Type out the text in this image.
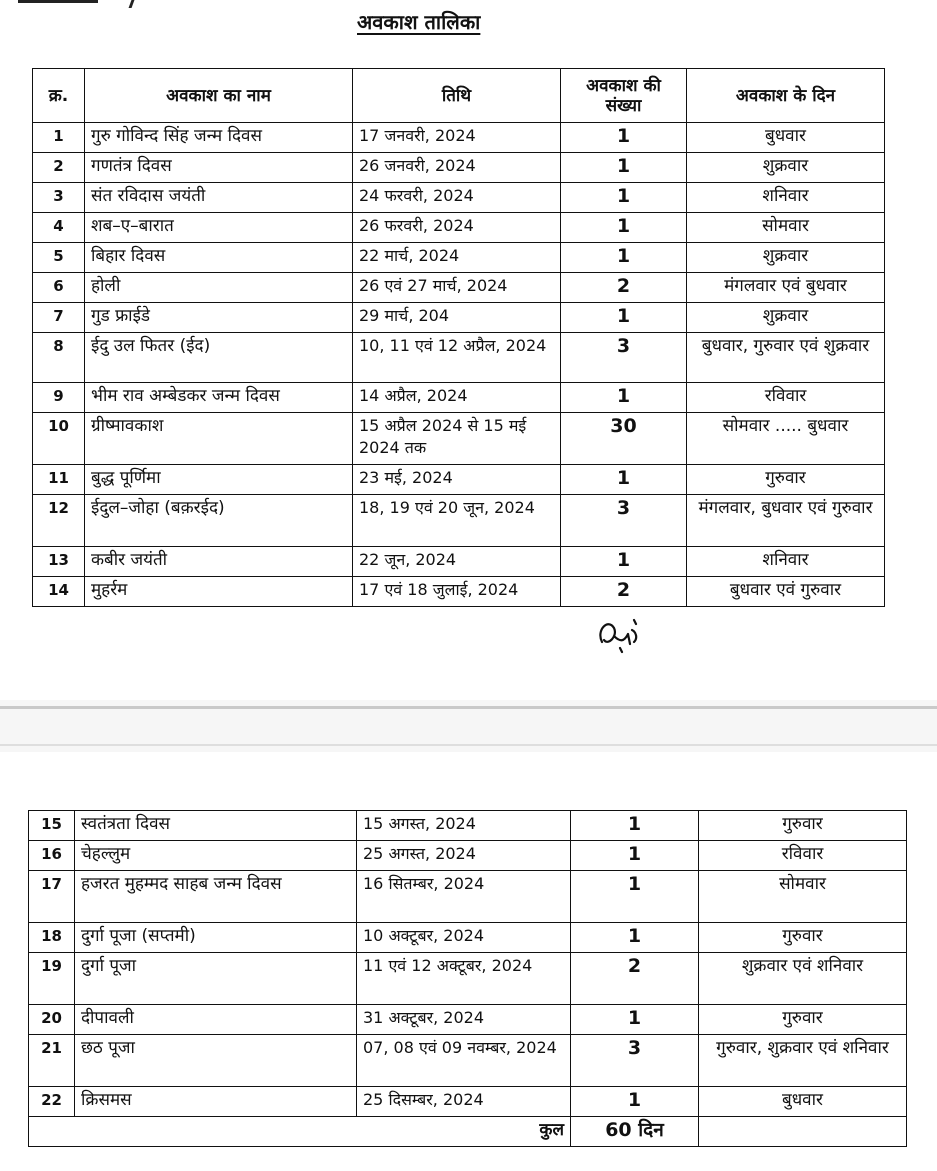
अवकाश तालिका
क्र.	अवकाश का नाम	तिथि	अवकाश की संख्या	अवकाश के दिन
1	गुरु गोविन्द सिंह जन्म दिवस	17 जनवरी, 2024	1	बुधवार
2	गणतंत्र दिवस	26 जनवरी, 2024	1	शुक्रवार
3	संत रविदास जयंती	24 फरवरी, 2024	1	शनिवार
4	शब–ए–बारात	26 फरवरी, 2024	1	सोमवार
5	बिहार दिवस	22 मार्च, 2024	1	शुक्रवार
6	होली	26 एवं 27 मार्च, 2024	2	मंगलवार एवं बुधवार
7	गुड फ्राईडे	29 मार्च, 204	1	शुक्रवार
8	ईदु उल फितर (ईद)	10, 11 एवं 12 अप्रैल, 2024	3	बुधवार, गुरुवार एवं शुक्रवार
9	भीम राव अम्बेडकर जन्म दिवस	14 अप्रैल, 2024	1	रविवार
10	ग्रीष्मावकाश	15 अप्रैल 2024 से 15 मई 2024 तक	30	सोमवार ..... बुधवार
11	बुद्ध पूर्णिमा	23 मई, 2024	1	गुरुवार
12	ईदुल–जोहा (बक़रईद)	18, 19 एवं 20 जून, 2024	3	मंगलवार, बुधवार एवं गुरुवार
13	कबीर जयंती	22 जून, 2024	1	शनिवार
14	मुहर्रम	17 एवं 18 जुलाई, 2024	2	बुधवार एवं गुरुवार
15	स्वतंत्रता दिवस	15 अगस्त, 2024	1	गुरुवार
16	चेहल्लुम	25 अगस्त, 2024	1	रविवार
17	हजरत मुहम्मद साहब जन्म दिवस	16 सितम्बर, 2024	1	सोमवार
18	दुर्गा पूजा (सप्तमी)	10 अक्टूबर, 2024	1	गुरुवार
19	दुर्गा पूजा	11 एवं 12 अक्टूबर, 2024	2	शुक्रवार एवं शनिवार
20	दीपावली	31 अक्टूबर, 2024	1	गुरुवार
21	छठ पूजा	07, 08 एवं 09 नवम्बर, 2024	3	गुरुवार, शुक्रवार एवं शनिवार
22	क्रिसमस	25 दिसम्बर, 2024	1	बुधवार
कुल			60 दिन	
